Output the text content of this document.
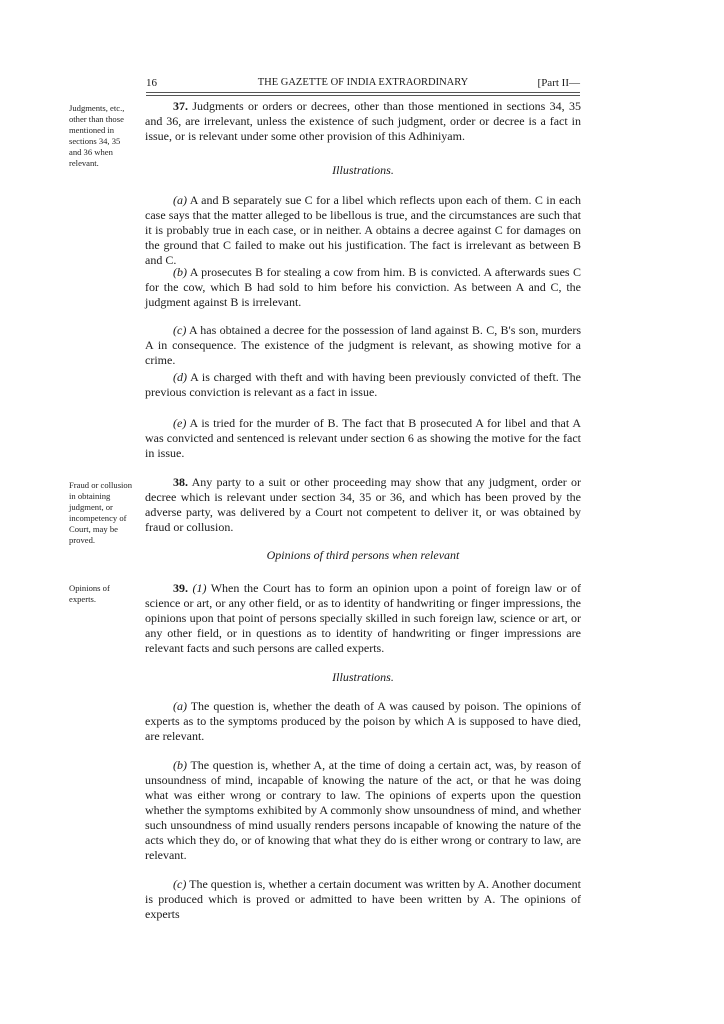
16	THE GAZETTE OF INDIA EXTRAORDINARY	[Part II—
Judgments, etc., other than those mentioned in sections 34, 35 and 36 when relevant.

37. Judgments or orders or decrees, other than those mentioned in sections 34, 35 and 36, are irrelevant, unless the existence of such judgment, order or decree is a fact in issue, or is relevant under some other provision of this Adhiniyam.

Illustrations.

(a) A and B separately sue C for a libel which reflects upon each of them. C in each case says that the matter alleged to be libellous is true, and the circumstances are such that it is probably true in each case, or in neither. A obtains a decree against C for damages on the ground that C failed to make out his justification. The fact is irrelevant as between B and C.

(b) A prosecutes B for stealing a cow from him. B is convicted. A afterwards sues C for the cow, which B had sold to him before his conviction. As between A and C, the judgment against B is irrelevant.

(c) A has obtained a decree for the possession of land against B. C, B's son, murders A in consequence. The existence of the judgment is relevant, as showing motive for a crime.

(d) A is charged with theft and with having been previously convicted of theft. The previous conviction is relevant as a fact in issue.

(e) A is tried for the murder of B. The fact that B prosecuted A for libel and that A was convicted and sentenced is relevant under section 6 as showing the motive for the fact in issue.

Fraud or collusion in obtaining judgment, or incompetency of Court, may be proved.

38. Any party to a suit or other proceeding may show that any judgment, order or decree which is relevant under section 34, 35 or 36, and which has been proved by the adverse party, was delivered by a Court not competent to deliver it, or was obtained by fraud or collusion.

Opinions of third persons when relevant
Opinions of experts.

39. (1) When the Court has to form an opinion upon a point of foreign law or of science or art, or any other field, or as to identity of handwriting or finger impressions, the opinions upon that point of persons specially skilled in such foreign law, science or art, or any other field, or in questions as to identity of handwriting or finger impressions are relevant facts and such persons are called experts.

Illustrations.

(a) The question is, whether the death of A was caused by poison. The opinions of experts as to the symptoms produced by the poison by which A is supposed to have died, are relevant.

(b) The question is, whether A, at the time of doing a certain act, was, by reason of unsoundness of mind, incapable of knowing the nature of the act, or that he was doing what was either wrong or contrary to law. The opinions of experts upon the question whether the symptoms exhibited by A commonly show unsoundness of mind, and whether such unsoundness of mind usually renders persons incapable of knowing the nature of the acts which they do, or of knowing that what they do is either wrong or contrary to law, are relevant.

(c) The question is, whether a certain document was written by A. Another document is produced which is proved or admitted to have been written by A. The opinions of experts
